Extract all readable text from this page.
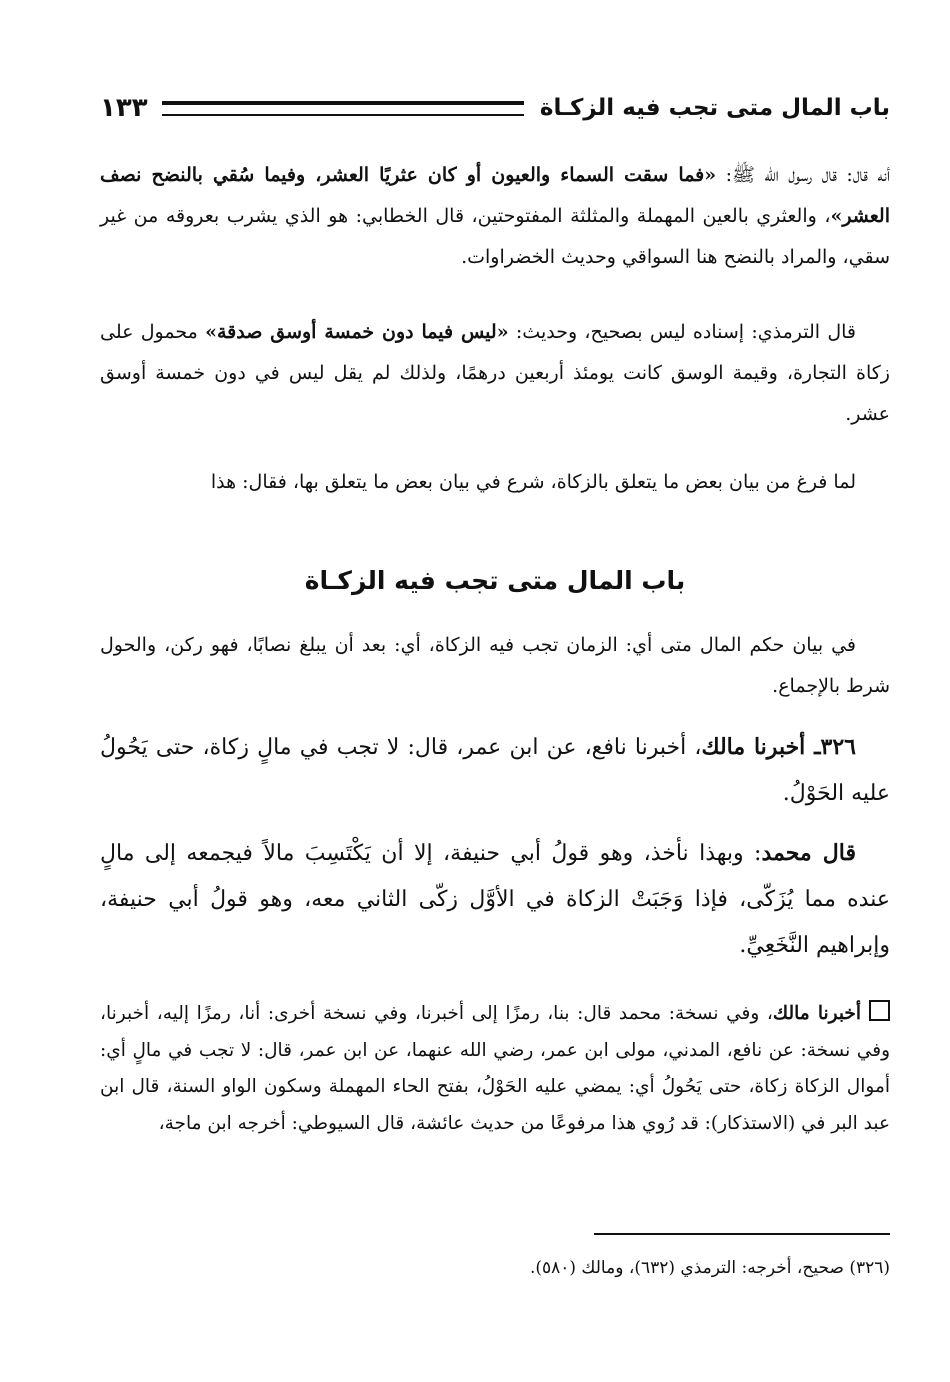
باب المال متى تجب فيه الزكـاة
١٣٣

أنه قال: قال رسول الله ﷺ: «فما سقت السماء والعيون أو كان عثريًا العشر، وفيما سُقي بالنضح نصف العشر»، والعثري بالعين المهملة والمثلثة المفتوحتين، قال الخطابي: هو الذي يشرب بعروقه من غير سقي، والمراد بالنضح هنا السواقي وحديث الخضراوات.

قال الترمذي: إسناده ليس بصحيح، وحديث: «ليس فيما دون خمسة أوسق صدقة» محمول على زكاة التجارة، وقيمة الوسق كانت يومئذ أربعين درهمًا، ولذلك لم يقل ليس في دون خمسة أوسق عشر.

لما فرغ من بيان بعض ما يتعلق بالزكاة، شرع في بيان بعض ما يتعلق بها، فقال: هذا

باب المال متى تجب فيه الزكـاة

في بيان حكم المال متى أي: الزمان تجب فيه الزكاة، أي: بعد أن يبلغ نصابًا، فهو ركن، والحول شرط بالإجماع.

٣٢٦ـ أخبرنا مالك، أخبرنا نافع، عن ابن عمر، قال: لا تجب في مالٍ زكاة، حتى يَحُولُ عليه الحَوْلُ.

قال محمد: وبهذا نأخذ، وهو قولُ أبي حنيفة، إلا أن يَكْتَسِبَ مالاً فيجمعه إلى مالٍ عنده مما يُزَكّى، فإذا وَجَبَتْ الزكاة في الأوَّل زكّى الثاني معه، وهو قولُ أبي حنيفة، وإبراهيم النَّخَعِيِّ.

أخبرنا مالك، وفي نسخة: محمد قال: بنا، رمزًا إلى أخبرنا، وفي نسخة أخرى: أنا، رمزًا إليه، أخبرنا، وفي نسخة: عن نافع، المدني، مولى ابن عمر، رضي الله عنهما، عن ابن عمر، قال: لا تجب في مالٍ أي: أموال الزكاة زكاة، حتى يَحُولُ أي: يمضي عليه الحَوْلُ، بفتح الحاء المهملة وسكون الواو السنة، قال ابن عبد البر في (الاستذكار): قد رُوي هذا مرفوعًا من حديث عائشة، قال السيوطي: أخرجه ابن ماجة،

(٣٢٦) صحيح، أخرجه: الترمذي (٦٣٢)، ومالك (٥٨٠).
